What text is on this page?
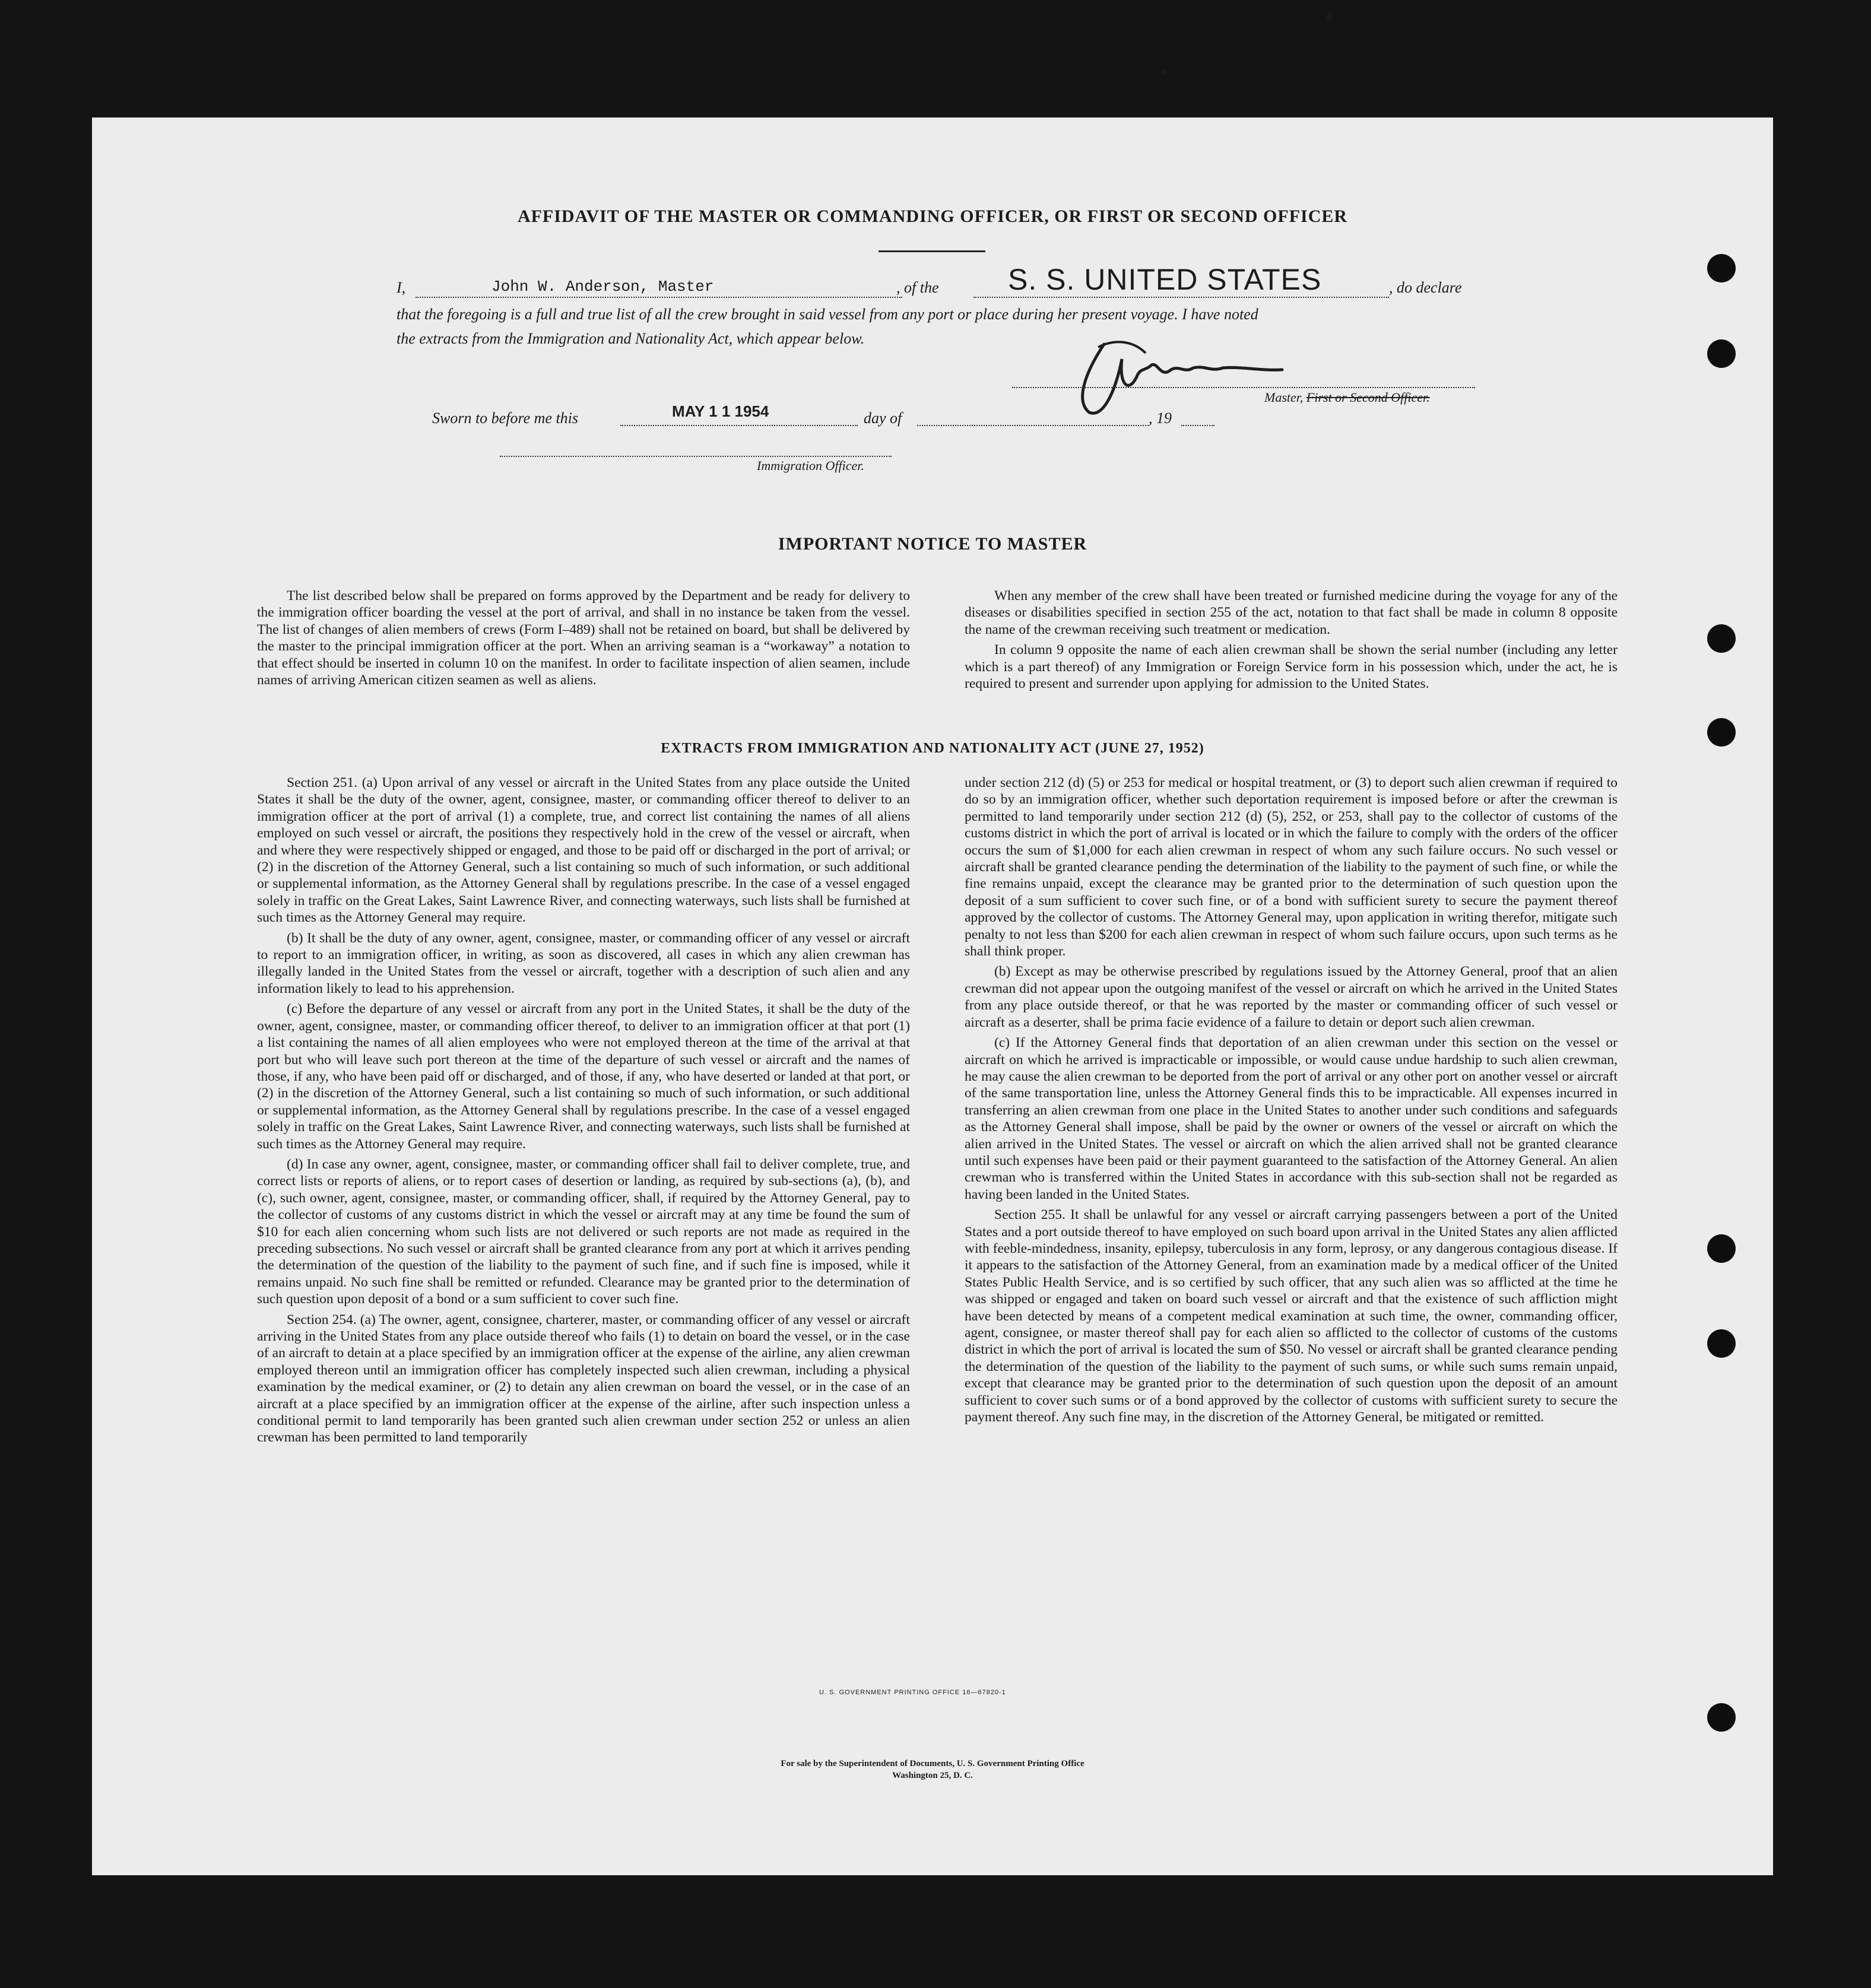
AFFIDAVIT OF THE MASTER OR COMMANDING OFFICER, OR FIRST OR SECOND OFFICER
I,	John W. Anderson, Master	, of the S. S. UNITED STATES	, do declare
that the foregoing is a full and true list of all the crew brought in said vessel from any port or place during her present voyage. I have noted
the extracts from the Immigration and Nationality Act, which appear below.
Master, First or Second Officer.
Sworn to before me this	MAY 1 1 1954	day of	, 19
Immigration Officer.
IMPORTANT NOTICE TO MASTER

The list described below shall be prepared on forms approved by the Department and be ready for delivery to the immigration officer boarding the vessel at the port of arrival, and shall in no instance be taken from the vessel. The list of changes of alien members of crews (Form I–489) shall not be retained on board, but shall be delivered by the master to the principal immigration officer at the port. When an arriving seaman is a “workaway” a notation to that effect should be inserted in column 10 on the manifest. In order to facilitate inspection of alien seamen, include names of arriving American citizen seamen as well as aliens.

When any member of the crew shall have been treated or furnished medicine during the voyage for any of the diseases or disabilities specified in section 255 of the act, notation to that fact shall be made in column 8 opposite the name of the crewman receiving such treatment or medication.

In column 9 opposite the name of each alien crewman shall be shown the serial number (including any letter which is a part thereof) of any Immigration or Foreign Service form in his possession which, under the act, he is required to present and surrender upon applying for admission to the United States.

EXTRACTS FROM IMMIGRATION AND NATIONALITY ACT (JUNE 27, 1952)

Section 251. (a) Upon arrival of any vessel or aircraft in the United States from any place outside the United States it shall be the duty of the owner, agent, consignee, master, or commanding officer thereof to deliver to an immigration officer at the port of arrival (1) a complete, true, and correct list containing the names of all aliens employed on such vessel or aircraft, the positions they respectively hold in the crew of the vessel or aircraft, when and where they were respectively shipped or engaged, and those to be paid off or discharged in the port of arrival; or (2) in the discretion of the Attorney General, such a list containing so much of such information, or such additional or supplemental information, as the Attorney General shall by regulations prescribe. In the case of a vessel engaged solely in traffic on the Great Lakes, Saint Lawrence River, and connecting waterways, such lists shall be furnished at such times as the Attorney General may require.

(b) It shall be the duty of any owner, agent, consignee, master, or commanding officer of any vessel or aircraft to report to an immigration officer, in writing, as soon as discovered, all cases in which any alien crewman has illegally landed in the United States from the vessel or aircraft, together with a description of such alien and any information likely to lead to his apprehension.

(c) Before the departure of any vessel or aircraft from any port in the United States, it shall be the duty of the owner, agent, consignee, master, or commanding officer thereof, to deliver to an immigration officer at that port (1) a list containing the names of all alien employees who were not employed thereon at the time of the arrival at that port but who will leave such port thereon at the time of the departure of such vessel or aircraft and the names of those, if any, who have been paid off or discharged, and of those, if any, who have deserted or landed at that port, or (2) in the discretion of the Attorney General, such a list containing so much of such information, or such additional or supplemental information, as the Attorney General shall by regulations prescribe. In the case of a vessel engaged solely in traffic on the Great Lakes, Saint Lawrence River, and connecting waterways, such lists shall be furnished at such times as the Attorney General may require.

(d) In case any owner, agent, consignee, master, or commanding officer shall fail to deliver complete, true, and correct lists or reports of aliens, or to report cases of desertion or landing, as required by sub-sections (a), (b), and (c), such owner, agent, consignee, master, or commanding officer, shall, if required by the Attorney General, pay to the collector of customs of any customs district in which the vessel or aircraft may at any time be found the sum of $10 for each alien concerning whom such lists are not delivered or such reports are not made as required in the preceding subsections. No such vessel or aircraft shall be granted clearance from any port at which it arrives pending the determination of the question of the liability to the payment of such fine, and if such fine is imposed, while it remains unpaid. No such fine shall be remitted or refunded. Clearance may be granted prior to the determination of such question upon deposit of a bond or a sum sufficient to cover such fine.

Section 254. (a) The owner, agent, consignee, charterer, master, or commanding officer of any vessel or aircraft arriving in the United States from any place outside thereof who fails (1) to detain on board the vessel, or in the case of an aircraft to detain at a place specified by an immigration officer at the expense of the airline, any alien crewman employed thereon until an immigration officer has completely inspected such alien crewman, including a physical examination by the medical examiner, or (2) to detain any alien crewman on board the vessel, or in the case of an aircraft at a place specified by an immigration officer at the expense of the airline, after such inspection unless a conditional permit to land temporarily has been granted such alien crewman under section 252 or unless an alien crewman has been permitted to land temporarily

under section 212 (d) (5) or 253 for medical or hospital treatment, or (3) to deport such alien crewman if required to do so by an immigration officer, whether such deportation requirement is imposed before or after the crewman is permitted to land temporarily under section 212 (d) (5), 252, or 253, shall pay to the collector of customs of the customs district in which the port of arrival is located or in which the failure to comply with the orders of the officer occurs the sum of $1,000 for each alien crewman in respect of whom any such failure occurs. No such vessel or aircraft shall be granted clearance pending the determination of the liability to the payment of such fine, or while the fine remains unpaid, except the clearance may be granted prior to the determination of such question upon the deposit of a sum sufficient to cover such fine, or of a bond with sufficient surety to secure the payment thereof approved by the collector of customs. The Attorney General may, upon application in writing therefor, mitigate such penalty to not less than $200 for each alien crewman in respect of whom such failure occurs, upon such terms as he shall think proper.

(b) Except as may be otherwise prescribed by regulations issued by the Attorney General, proof that an alien crewman did not appear upon the outgoing manifest of the vessel or aircraft on which he arrived in the United States from any place outside thereof, or that he was reported by the master or commanding officer of such vessel or aircraft as a deserter, shall be prima facie evidence of a failure to detain or deport such alien crewman.

(c) If the Attorney General finds that deportation of an alien crewman under this section on the vessel or aircraft on which he arrived is impracticable or impossible, or would cause undue hardship to such alien crewman, he may cause the alien crewman to be deported from the port of arrival or any other port on another vessel or aircraft of the same transportation line, unless the Attorney General finds this to be impracticable. All expenses incurred in transferring an alien crewman from one place in the United States to another under such conditions and safeguards as the Attorney General shall impose, shall be paid by the owner or owners of the vessel or aircraft on which the alien arrived in the United States. The vessel or aircraft on which the alien arrived shall not be granted clearance until such expenses have been paid or their payment guaranteed to the satisfaction of the Attorney General. An alien crewman who is transferred within the United States in accordance with this sub-section shall not be regarded as having been landed in the United States.

Section 255. It shall be unlawful for any vessel or aircraft carrying passengers between a port of the United States and a port outside thereof to have employed on such board upon arrival in the United States any alien afflicted with feeble-mindedness, insanity, epilepsy, tuberculosis in any form, leprosy, or any dangerous contagious disease. If it appears to the satisfaction of the Attorney General, from an examination made by a medical officer of the United States Public Health Service, and is so certified by such officer, that any such alien was so afflicted at the time he was shipped or engaged and taken on board such vessel or aircraft and that the existence of such affliction might have been detected by means of a competent medical examination at such time, the owner, commanding officer, agent, consignee, or master thereof shall pay for each alien so afflicted to the collector of customs of the customs district in which the port of arrival is located the sum of $50. No vessel or aircraft shall be granted clearance pending the determination of the question of the liability to the payment of such sums, or while such sums remain unpaid, except that clearance may be granted prior to the determination of such question upon the deposit of an amount sufficient to cover such sums or of a bond approved by the collector of customs with sufficient surety to secure the payment thereof. Any such fine may, in the discretion of the Attorney General, be mitigated or remitted.

U. S. GOVERNMENT PRINTING OFFICE 16—67820-1
For sale by the Superintendent of Documents, U. S. Government Printing Office
Washington 25, D. C.
